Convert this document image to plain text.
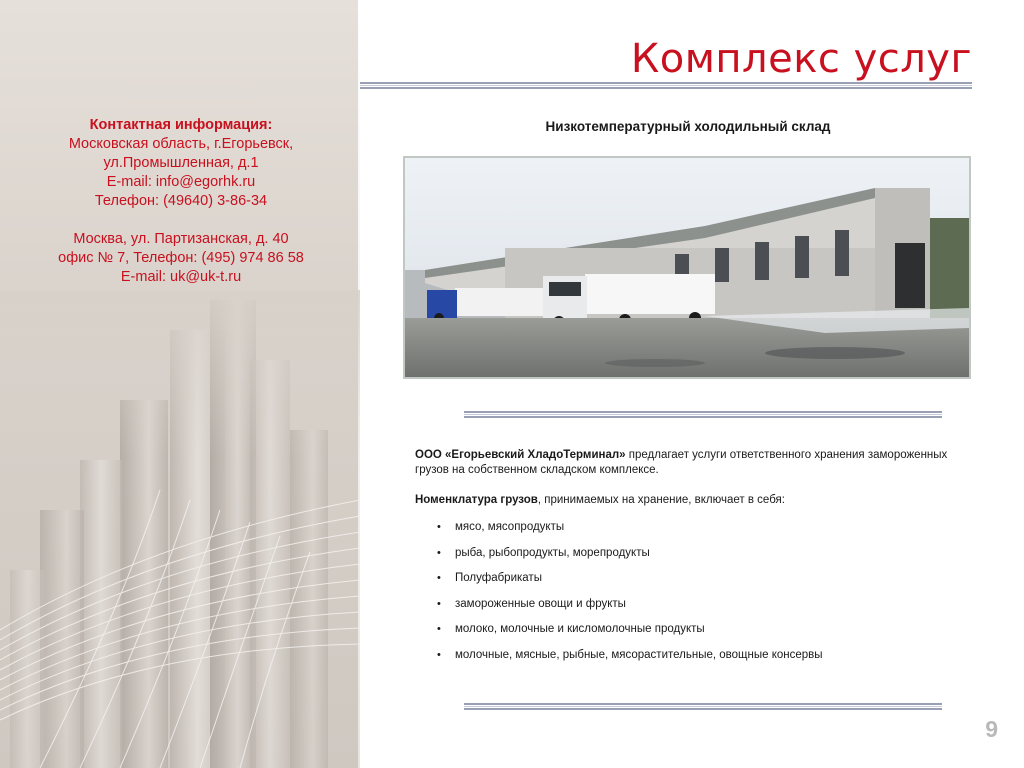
Контактная информация:
Московская область, г.Егорьевск,
ул.Промышленная, д.1
E-mail: info@egorhk.ru
Телефон: (49640) 3-86-34
Москва, ул. Партизанская, д. 40
офис № 7, Телефон: (495) 974 86 58
E-mail: uk@uk-t.ru
Комплекс услуг
Низкотемпературный холодильный склад

ООО «Егорьевский ХладоТерминал» предлагает услуги ответственного хранения замороженных грузов на собственном складском комплексе.

Номенклатура грузов, принимаемых на хранение, включает в себя:

• мясо, мясопродукты
• рыба, рыбопродукты, морепродукты
• Полуфабрикаты
• замороженные овощи и фрукты
• молоко, молочные и кисломолочные продукты
• молочные, мясные, рыбные, мясорастительные, овощные консервы
9
